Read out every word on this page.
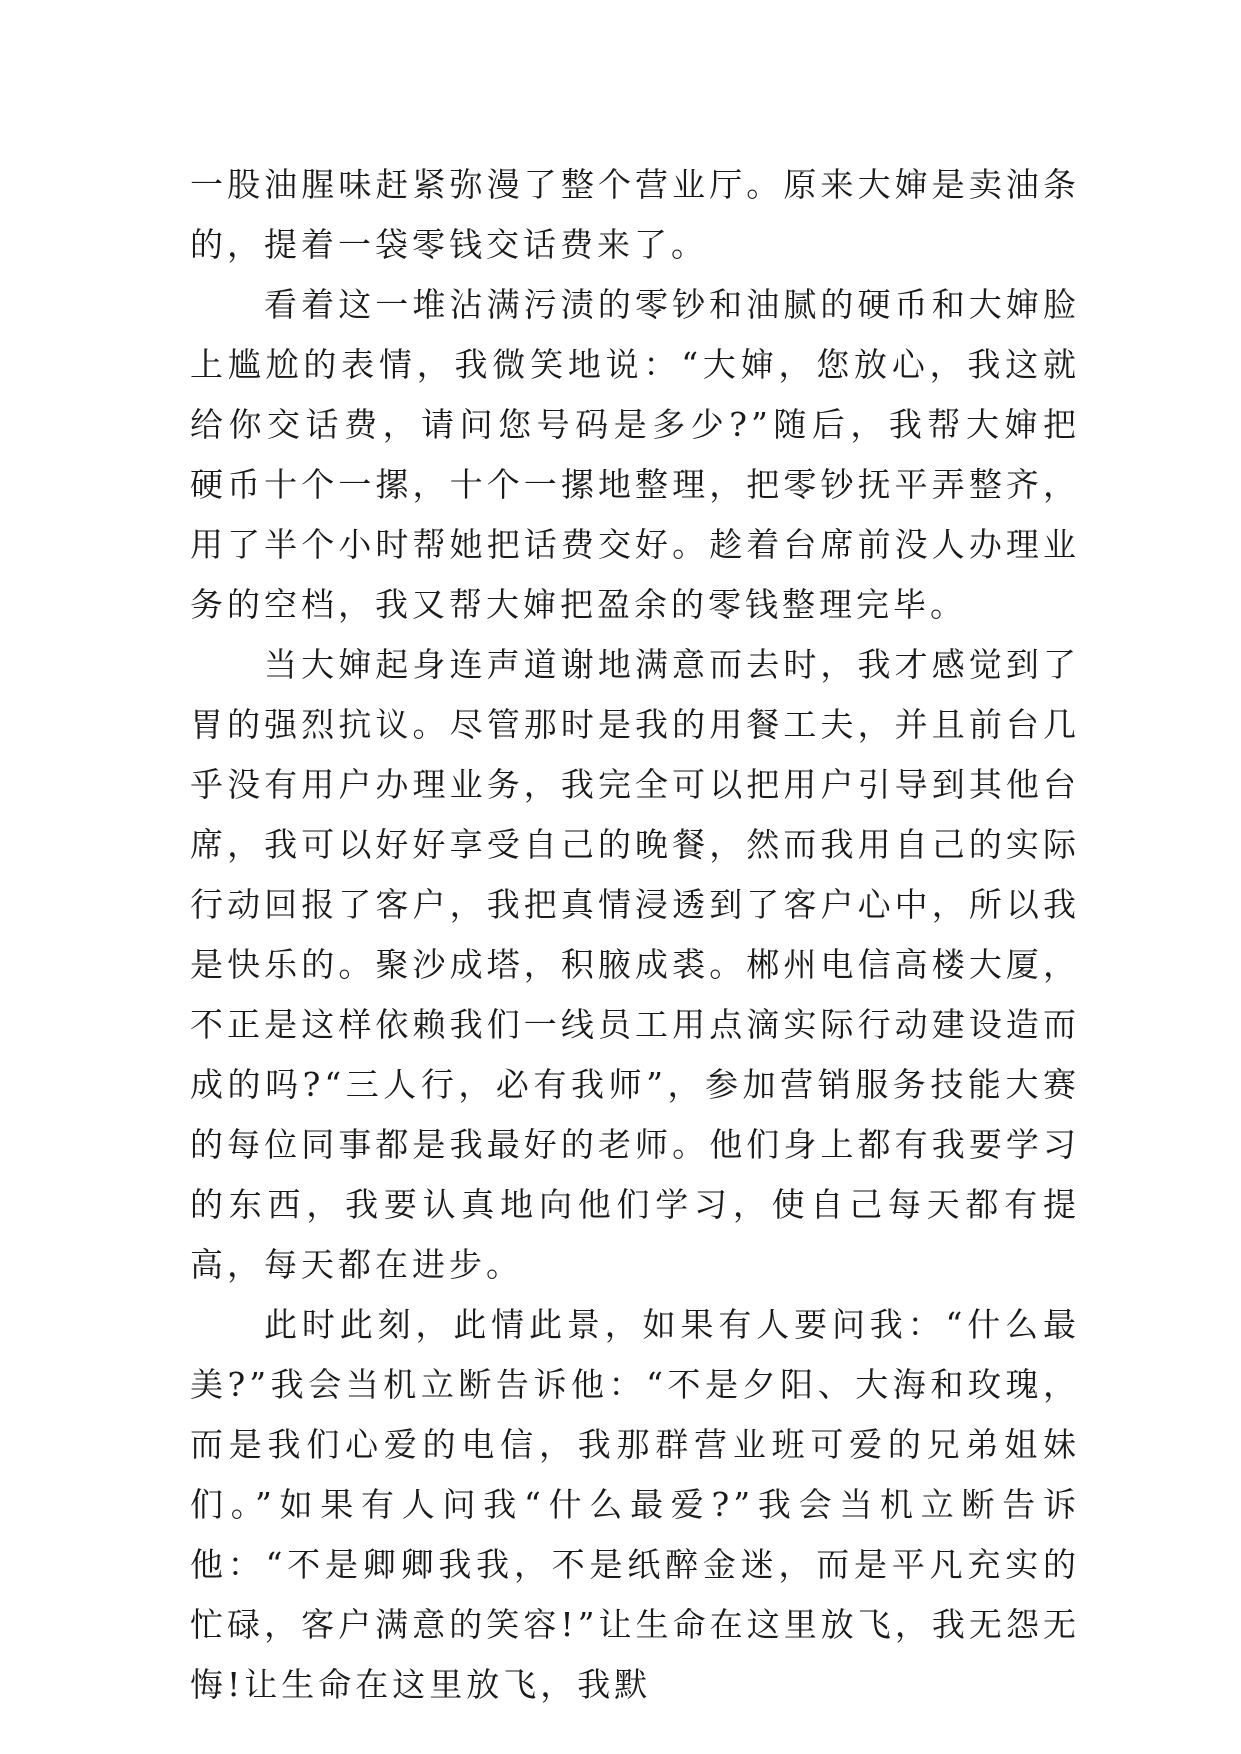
一股油腥味赶紧弥漫了整个营业厅。原来大婶是卖油条的，提着一袋零钱交话费来了。

看着这一堆沾满污渍的零钞和油腻的硬币和大婶脸上尴尬的表情，我微笑地说：“大婶，您放心，我这就给你交话费，请问您号码是多少?”随后，我帮大婶把硬币十个一摞，十个一摞地整理，把零钞抚平弄整齐，用了半个小时帮她把话费交好。趁着台席前没人办理业务的空档，我又帮大婶把盈余的零钱整理完毕。

当大婶起身连声道谢地满意而去时，我才感觉到了胃的强烈抗议。尽管那时是我的用餐工夫，并且前台几乎没有用户办理业务，我完全可以把用户引导到其他台席，我可以好好享受自己的晚餐，然而我用自己的实际行动回报了客户，我把真情浸透到了客户心中，所以我是快乐的。聚沙成塔，积腋成裘。郴州电信高楼大厦，不正是这样依赖我们一线员工用点滴实际行动建设造而成的吗?“三人行，必有我师”，参加营销服务技能大赛的每位同事都是我最好的老师。他们身上都有我要学习的东西，我要认真地向他们学习，使自己每天都有提高，每天都在进步。

此时此刻，此情此景，如果有人要问我：“什么最美?”我会当机立断告诉他：“不是夕阳、大海和玫瑰，而是我们心爱的电信，我那群营业班可爱的兄弟姐妹们。”如果有人问我“什么最爱?”我会当机立断告诉他：“不是卿卿我我，不是纸醉金迷，而是平凡充实的忙碌，客户满意的笑容!”让生命在这里放飞，我无怨无悔!让生命在这里放飞，我默
